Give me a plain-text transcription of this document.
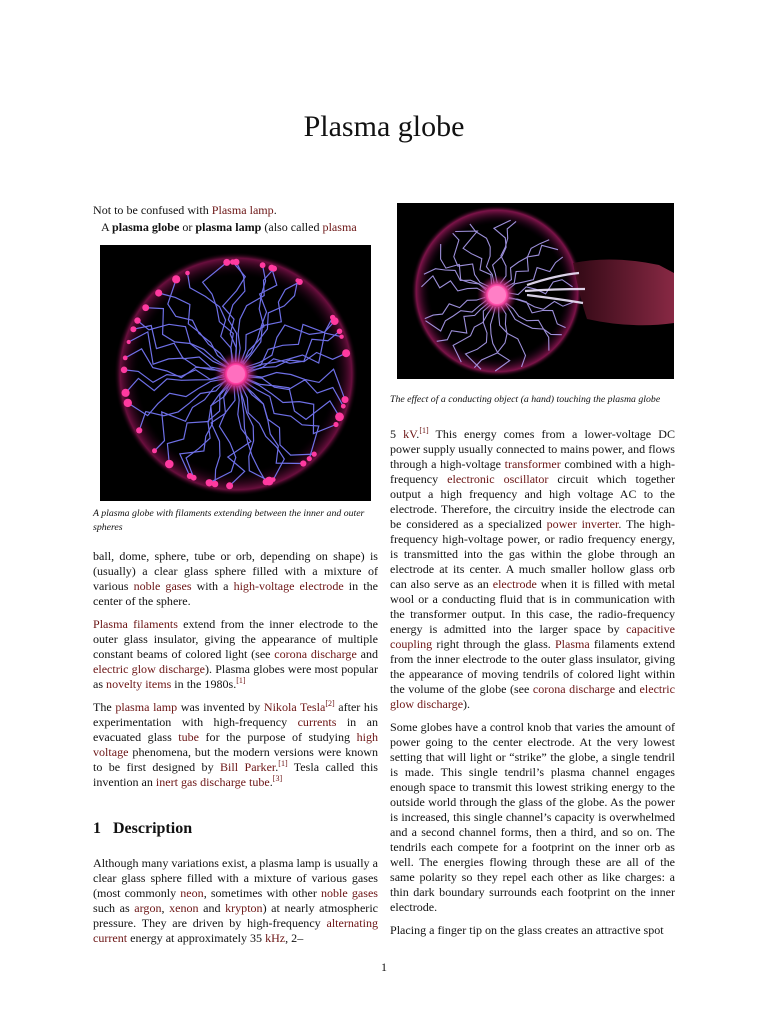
Plasma globe

Not to be confused with Plasma lamp.

A plasma globe or plasma lamp (also called plasma

A plasma globe with filaments extending between the inner and outer spheres

ball, dome, sphere, tube or orb, depending on shape) is (usually) a clear glass sphere filled with a mixture of various noble gases with a high-voltage electrode in the center of the sphere.

Plasma filaments extend from the inner electrode to the outer glass insulator, giving the appearance of multiple constant beams of colored light (see corona discharge and electric glow discharge). Plasma globes were most popular as novelty items in the 1980s.[1]

The plasma lamp was invented by Nikola Tesla[2] after his experimentation with high-frequency currents in an evacuated glass tube for the purpose of studying high voltage phenomena, but the modern versions were known to be first designed by Bill Parker.[1] Tesla called this invention an inert gas discharge tube.[3]

1 Description

Although many variations exist, a plasma lamp is usually a clear glass sphere filled with a mixture of various gases (most commonly neon, sometimes with other noble gases such as argon, xenon and krypton) at nearly atmospheric pressure. They are driven by high-frequency alternating current energy at approximately 35 kHz, 2–

The effect of a conducting object (a hand) touching the plasma globe

5 kV.[1] This energy comes from a lower-voltage DC power supply usually connected to mains power, and flows through a high-voltage transformer combined with a high-frequency electronic oscillator circuit which together output a high frequency and high voltage AC to the electrode. Therefore, the circuitry inside the electrode can be considered as a specialized power inverter. The high-frequency high-voltage power, or radio frequency energy, is transmitted into the gas within the globe through an electrode at its center. A much smaller hollow glass orb can also serve as an electrode when it is filled with metal wool or a conducting fluid that is in communication with the transformer output. In this case, the radio-frequency energy is admitted into the larger space by capacitive coupling right through the glass. Plasma filaments extend from the inner electrode to the outer glass insulator, giving the appearance of moving tendrils of colored light within the volume of the globe (see corona discharge and electric glow discharge).

Some globes have a control knob that varies the amount of power going to the center electrode. At the very lowest setting that will light or “strike” the globe, a single tendril is made. This single tendril’s plasma channel engages enough space to transmit this lowest striking energy to the outside world through the glass of the globe. As the power is increased, this single channel’s capacity is overwhelmed and a second channel forms, then a third, and so on. The tendrils each compete for a footprint on the inner orb as well. The energies flowing through these are all of the same polarity so they repel each other as like charges: a thin dark boundary surrounds each footprint on the inner electrode.

Placing a finger tip on the glass creates an attractive spot

1
